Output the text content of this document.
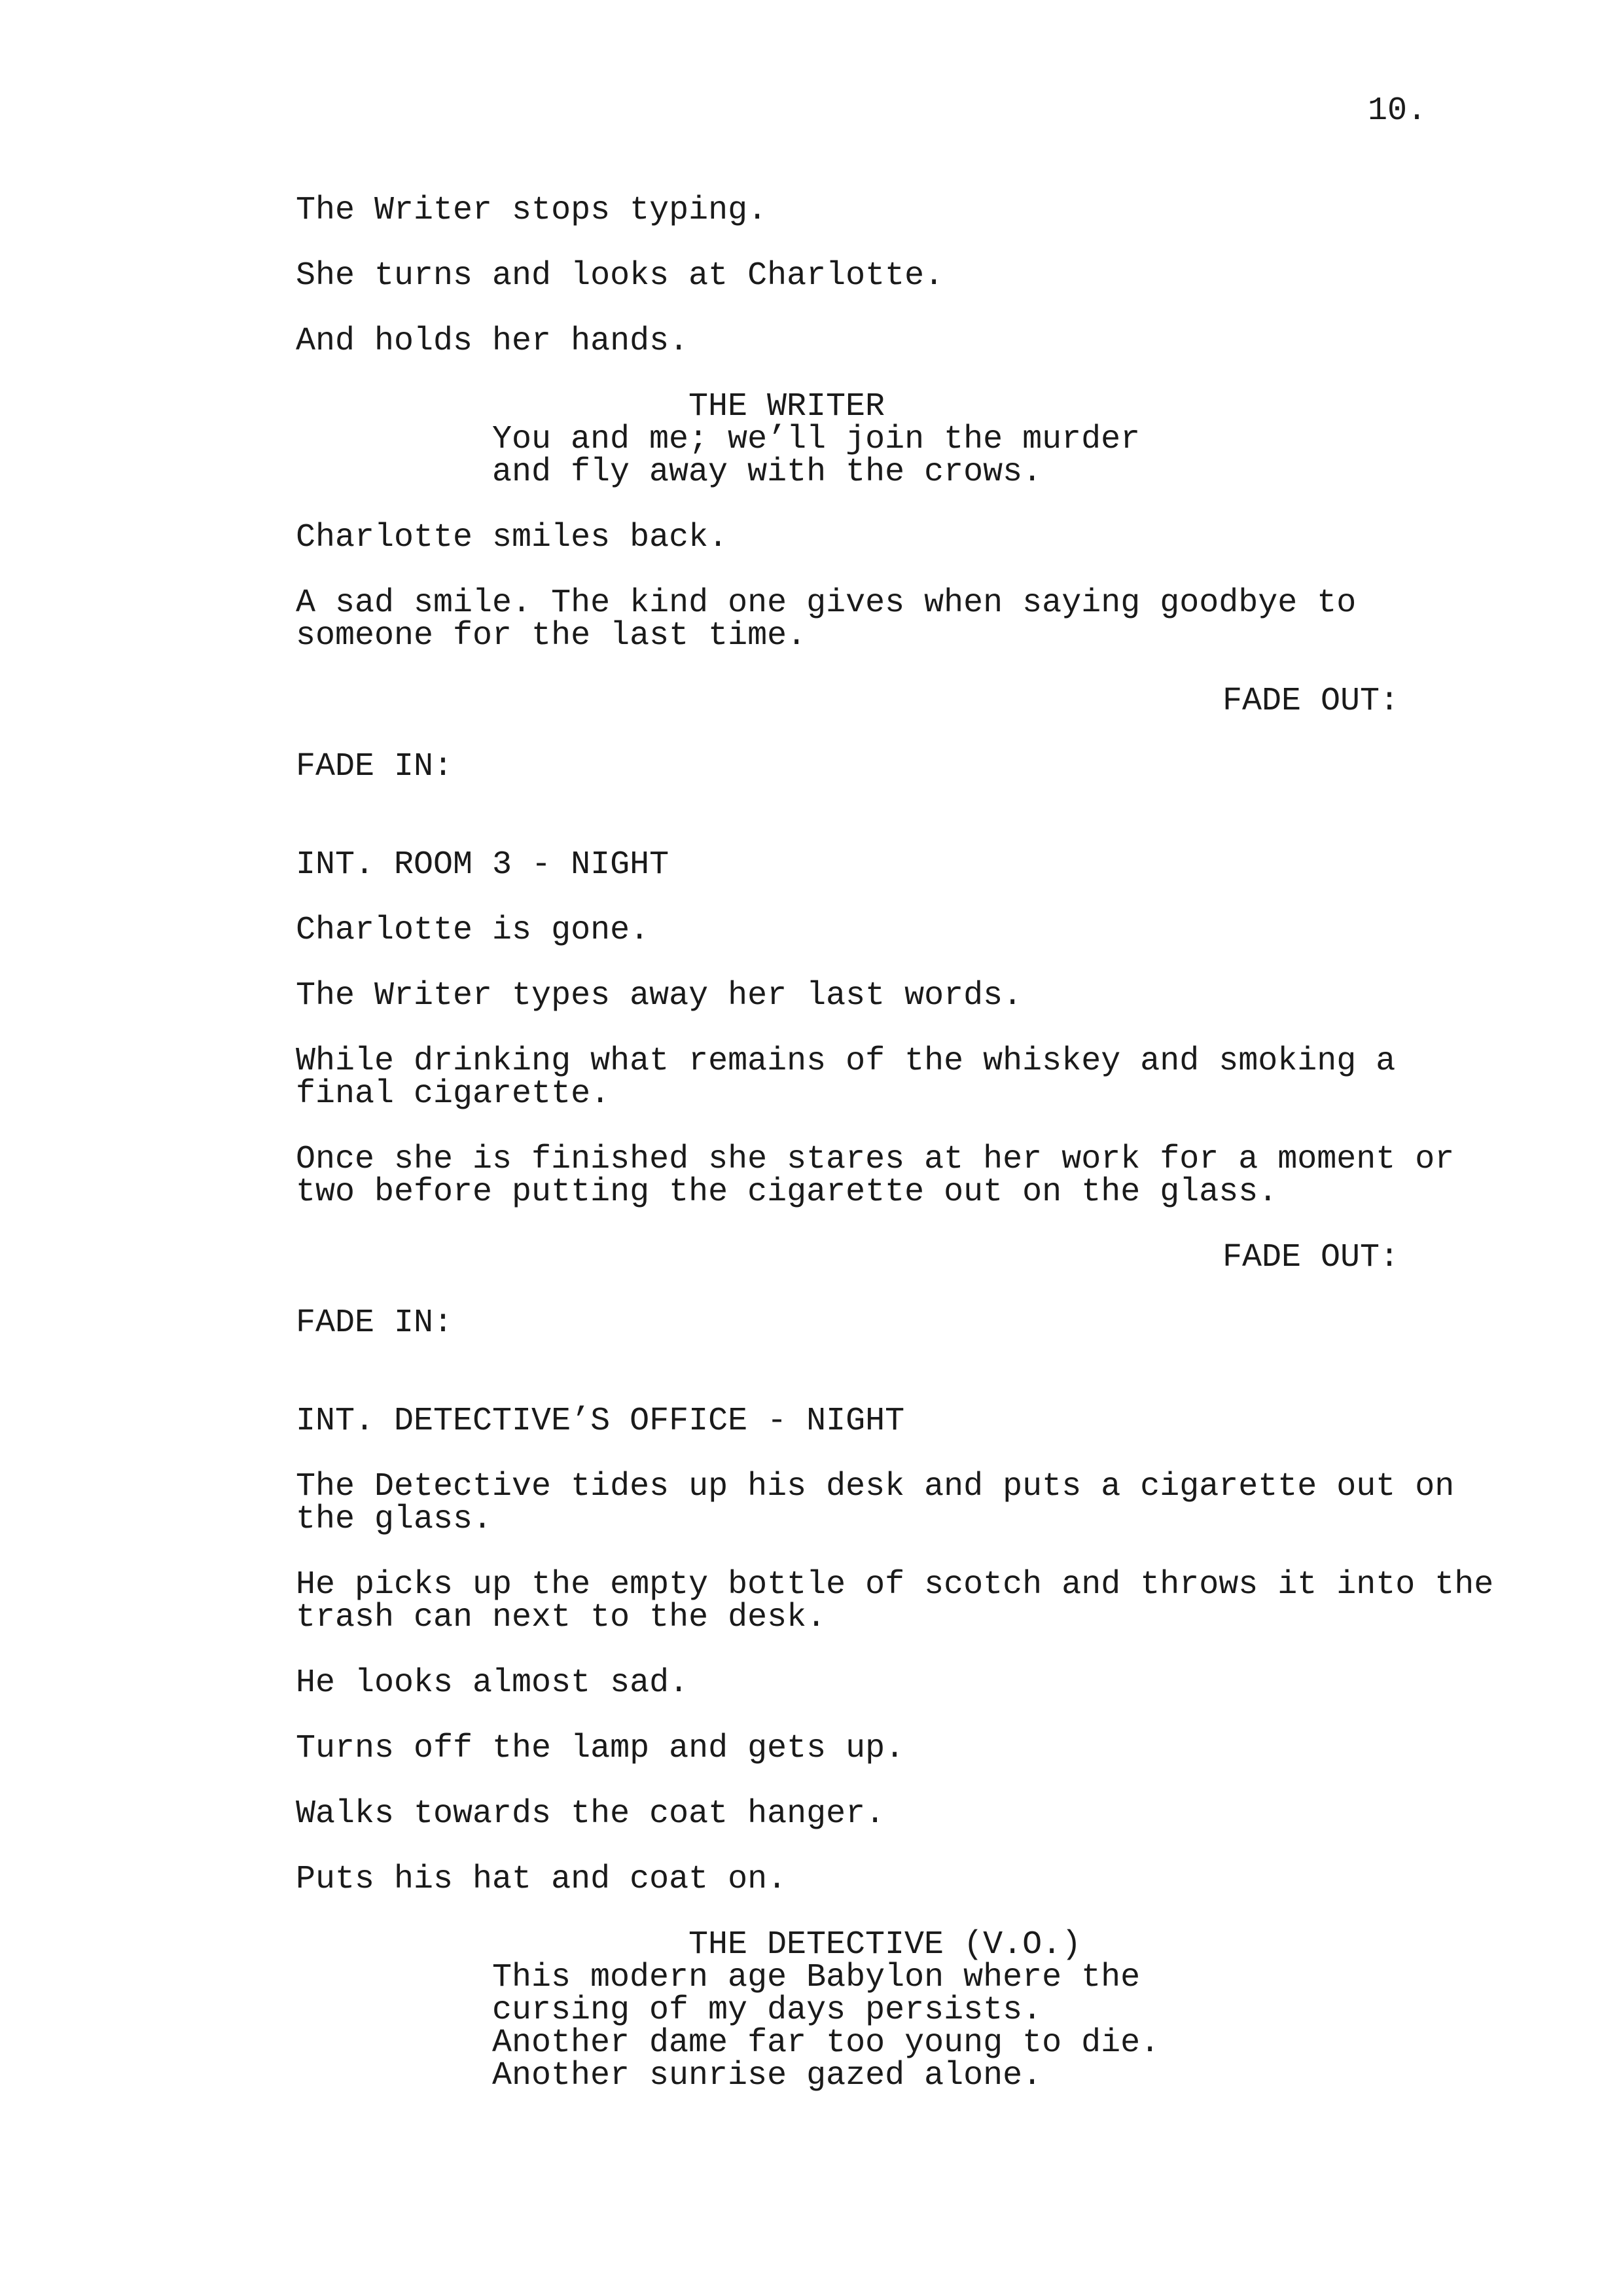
10.
The Writer stops typing.
She turns and looks at Charlotte.
And holds her hands.
THE WRITER
You and me; we’ll join the murder
and fly away with the crows.
Charlotte smiles back.
A sad smile. The kind one gives when saying goodbye to
someone for the last time.
FADE OUT:
FADE IN:
INT. ROOM 3 - NIGHT
Charlotte is gone.
The Writer types away her last words.
While drinking what remains of the whiskey and smoking a
final cigarette.
Once she is finished she stares at her work for a moment or
two before putting the cigarette out on the glass.
FADE OUT:
FADE IN:
INT. DETECTIVE’S OFFICE - NIGHT
The Detective tides up his desk and puts a cigarette out on
the glass.
He picks up the empty bottle of scotch and throws it into the
trash can next to the desk.
He looks almost sad.
Turns off the lamp and gets up.
Walks towards the coat hanger.
Puts his hat and coat on.
THE DETECTIVE (V.O.)
This modern age Babylon where the
cursing of my days persists.
Another dame far too young to die.
Another sunrise gazed alone.
